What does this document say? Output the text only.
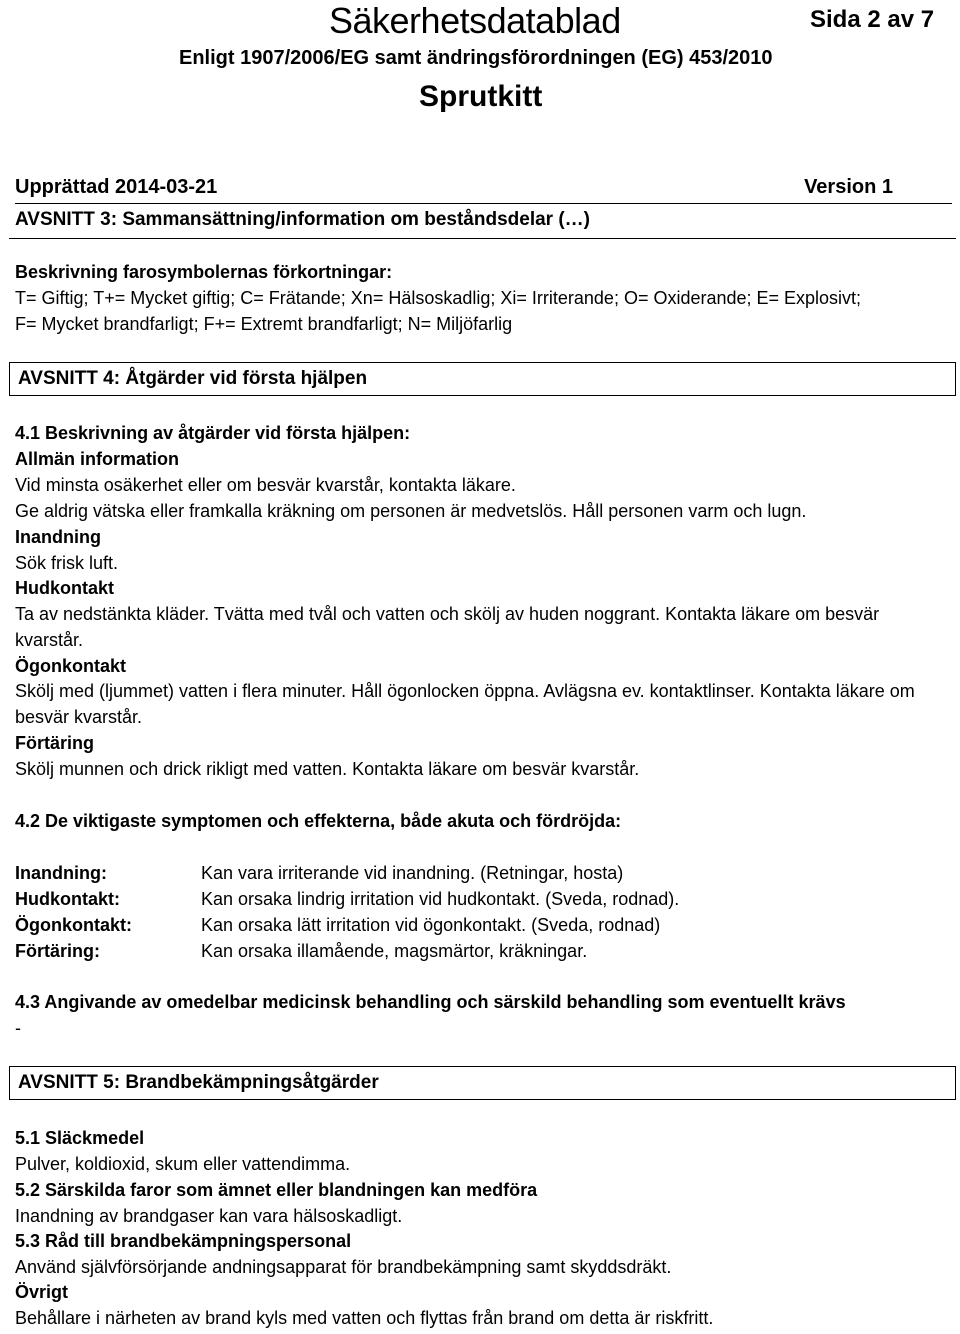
Säkerhetsdatablad	Sida 2 av 7
Enligt 1907/2006/EG samt ändringsförordningen (EG) 453/2010
Sprutkitt
Upprättad 2014-03-21	Version 1
AVSNITT 3: Sammansättning/information om beståndsdelar (…)
Beskrivning farosymbolernas förkortningar:
T= Giftig; T+= Mycket giftig; C= Frätande; Xn= Hälsoskadlig; Xi= Irriterande; O= Oxiderande; E= Explosivt;
F= Mycket brandfarligt; F+= Extremt brandfarligt; N= Miljöfarlig
AVSNITT 4: Åtgärder vid första hjälpen
4.1 Beskrivning av åtgärder vid första hjälpen:
Allmän information
Vid minsta osäkerhet eller om besvär kvarstår, kontakta läkare.
Ge aldrig vätska eller framkalla kräkning om personen är medvetslös. Håll personen varm och lugn.
Inandning
Sök frisk luft.
Hudkontakt
Ta av nedstänkta kläder. Tvätta med tvål och vatten och skölj av huden noggrant. Kontakta läkare om besvär
kvarstår.
Ögonkontakt
Skölj med (ljummet) vatten i flera minuter. Håll ögonlocken öppna. Avlägsna ev. kontaktlinser. Kontakta läkare om
besvär kvarstår.
Förtäring
Skölj munnen och drick rikligt med vatten. Kontakta läkare om besvär kvarstår.
4.2 De viktigaste symptomen och effekterna, både akuta och fördröjda:
Inandning:	Kan vara irriterande vid inandning. (Retningar, hosta)
Hudkontakt:	Kan orsaka lindrig irritation vid hudkontakt. (Sveda, rodnad).
Ögonkontakt:	Kan orsaka lätt irritation vid ögonkontakt. (Sveda, rodnad)
Förtäring:	Kan orsaka illamående, magsmärtor, kräkningar.
4.3 Angivande av omedelbar medicinsk behandling och särskild behandling som eventuellt krävs
-
AVSNITT 5: Brandbekämpningsåtgärder
5.1 Släckmedel
Pulver, koldioxid, skum eller vattendimma.
5.2 Särskilda faror som ämnet eller blandningen kan medföra
Inandning av brandgaser kan vara hälsoskadligt.
5.3 Råd till brandbekämpningspersonal
Använd självförsörjande andningsapparat för brandbekämpning samt skyddsdräkt.
Övrigt
Behållare i närheten av brand kyls med vatten och flyttas från brand om detta är riskfritt.
